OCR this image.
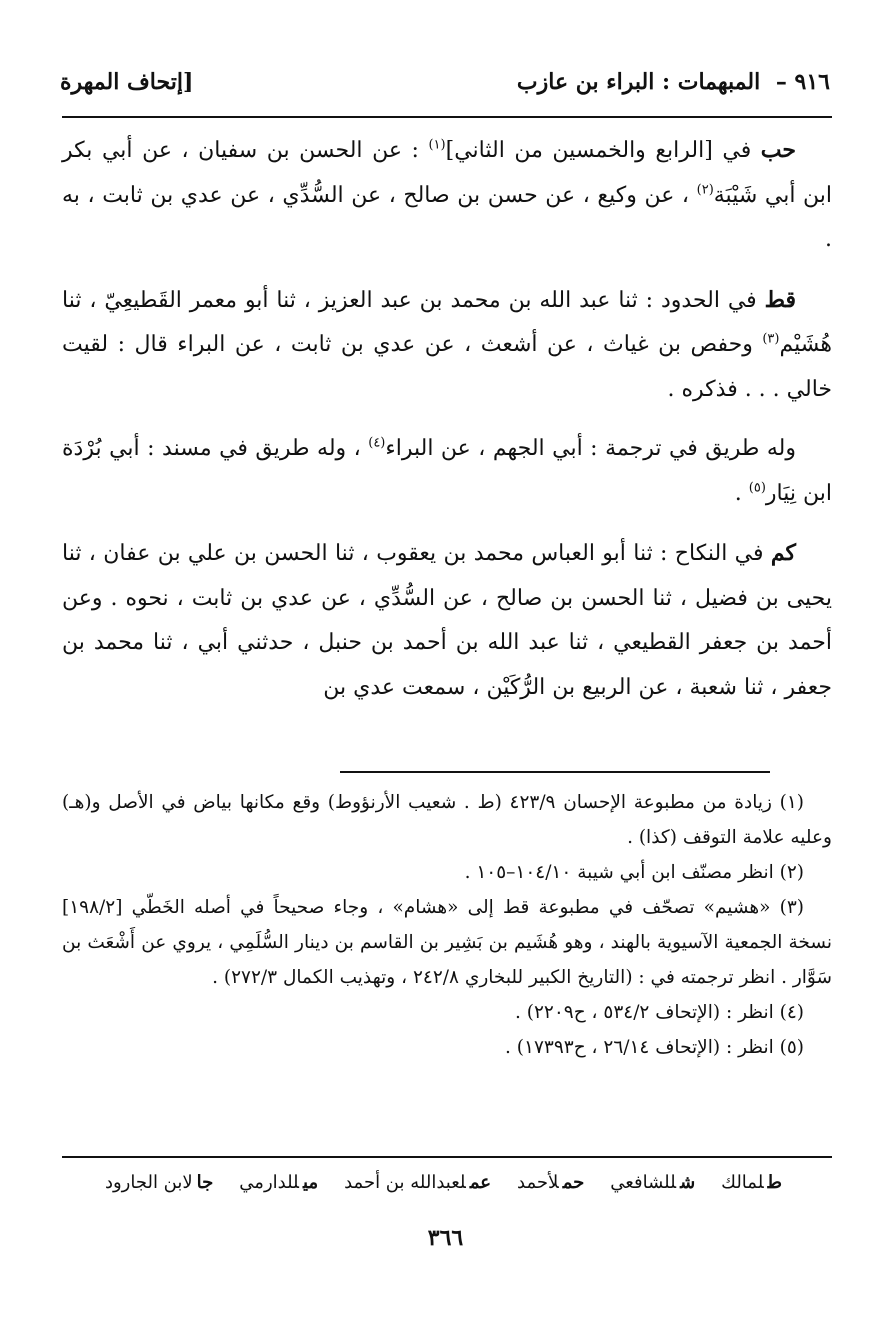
٩١٦ – المبهمات : البراء بن عازب
[إتحاف المهرة

حب في [الرابع والخمسين من الثاني]$^{(١)}$ : عن الحسن بن سفيان ، عن أبي بكر ابن أبي شَيْبَة$^{(٢)}$ ، عن وكيع ، عن حسن بن صالح ، عن السُّدِّي ، عن عدي بن ثابت ، به .

قط في الحدود : ثنا عبد الله بن محمد بن عبد العزيز ، ثنا أبو معمر القَطيعِيّ ، ثنا هُشَيْم$^{(٣)}$ وحفص بن غياث ، عن أشعث ، عن عدي بن ثابت ، عن البراء قال : لقيت خالي . . . فذكره .

وله طريق في ترجمة : أبي الجهم ، عن البراء$^{(٤)}$ ، وله طريق في مسند : أبي بُرْدَة ابن نِيَار$^{(٥)}$ .

كم في النكاح : ثنا أبو العباس محمد بن يعقوب ، ثنا الحسن بن علي بن عفان ، ثنا يحيى بن فضيل ، ثنا الحسن بن صالح ، عن السُّدِّي ، عن عدي بن ثابت ، نحوه . وعن أحمد بن جعفر القطيعي ، ثنا عبد الله بن أحمد بن حنبل ، حدثني أبي ، ثنا محمد بن جعفر ، ثنا شعبة ، عن الربيع بن الرُّكَيْن ، سمعت عدي بن

(١) زيادة من مطبوعة الإحسان ٤٢٣/٩ (ط . شعيب الأرنؤوط) وقع مكانها بياض في الأصل و(هـ) وعليه علامة التوقف (كذا) .

(٢) انظر مصنّف ابن أبي شيبة ١٠٤/١٠–١٠٥ .

(٣) «هشيم» تصحّف في مطبوعة قط إلى «هشام» ، وجاء صحيحاً في أصله الخَطّي [١٩٨/٢] نسخة الجمعية الآسيوية بالهند ، وهو هُشَيم بن بَشِير بن القاسم بن دينار السُّلَمِي ، يروي عن أَشْعَث بن سَوَّار . انظر ترجمته في : (التاريخ الكبير للبخاري ٢٤٢/٨ ، وتهذيب الكمال ٢٧٢/٣) .

(٤) انظر : (الإتحاف ٥٣٤/٢ ، ح٢٢٠٩) .

(٥) انظر : (الإتحاف ٢٦/١٤ ، ح١٧٣٩٣) .

طلمالك
شللشافعي
حملأحمد
عملعبدالله بن أحمد
ميللدارمي
جالابن الجارود
٣٦٦
